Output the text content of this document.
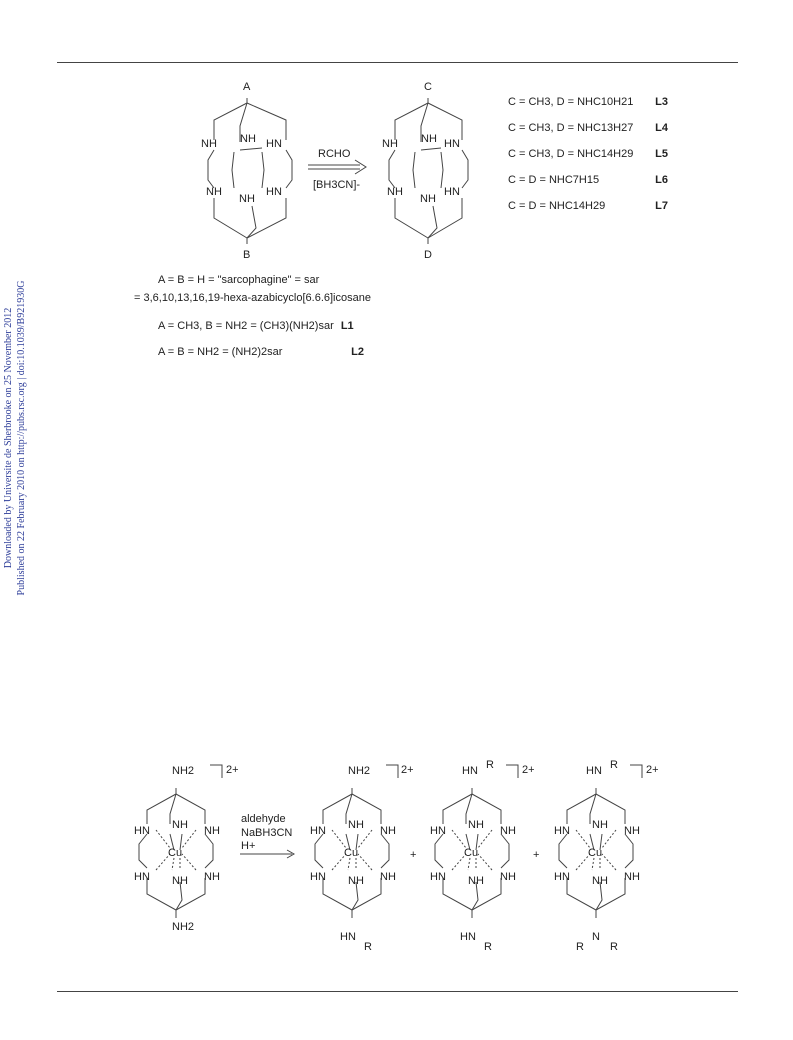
Downloaded by Universite de Sherbrooke on 25 November 2012 Published on 22 February 2010 on http://pubs.rsc.org | doi:10.1039/B921930G
A
B
NH NH HN
NH
NH
HN
RCHO
[BH3CN]-
C
D
NH NH HN
NH
NH
HN
C = CH3, D = NHC10H21 L3
C = CH3, D = NHC13H27 L4
C = CH3, D = NHC14H29 L5
C = D = NHC7H15	L6
C = D = NHC14H29	L7
A = B = H = "sarcophagine" = sar
= 3,6,10,13,16,19-hexa-azabicyclo[6.6.6]icosane
A = CH3, B = NH2 = (CH3)(NH2)sar L1
A = B = NH2 = (NH2)2sar	L2
NH2
NH2
HN NH NH
Cu
HN NH NH
2+
aldehyde
NaBH3CN
H+
NH2
HN
R
HN NH NH
Cu
HN NH NH
2+
+
HN R
HN
R
HN NH NH
Cu
HN NH NH
2+
+
HN R
N
R R
HN NH NH
Cu
HN NH NH
2+
